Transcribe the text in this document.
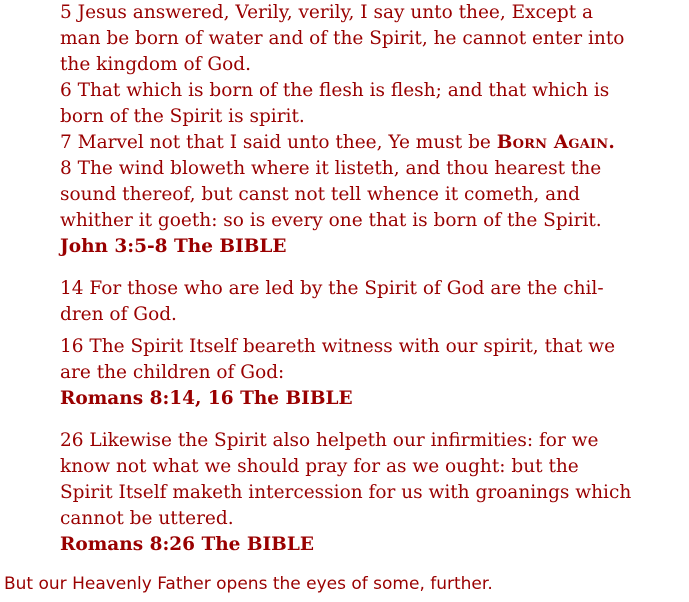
5 Jesus answered, Verily, verily, I say unto thee, Except a man be born of water and of the Spirit, he cannot enter into the kingdom of God.

6 That which is born of the flesh is flesh; and that which is born of the Spirit is spirit.

7 Marvel not that I said unto thee, Ye must be Born Again.

8 The wind bloweth where it listeth, and thou hearest the sound thereof, but canst not tell whence it cometh, and whither it goeth: so is every one that is born of the Spirit.

John 3:5-8 The BIBLE

14 For those who are led by the Spirit of God are the chil-dren of God.

16 The Spirit Itself beareth witness with our spirit, that we are the children of God:

Romans 8:14, 16 The BIBLE

26 Likewise the Spirit also helpeth our infirmities: for we know not what we should pray for as we ought: but the Spirit Itself maketh intercession for us with groanings which cannot be uttered.

Romans 8:26 The BIBLE

But our Heavenly Father opens the eyes of some, further.
